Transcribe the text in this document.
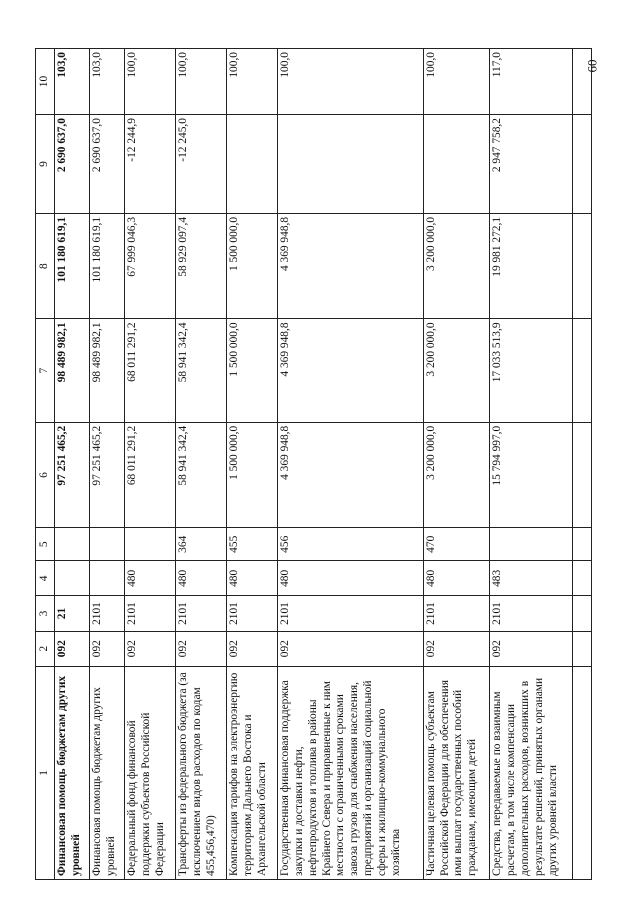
60
1	2	3	4	5	6	7	8	9	10
Финансовая помощь бюджетам других уровней	092	21			97 251 465,2	98 489 982,1	101 180 619,1	2 690 637,0	103,0
Финансовая помощь бюджетам других уровней	092	2101			97 251 465,2	98 489 982,1	101 180 619,1	2 690 637,0	103,0
Федеральный фонд финансовой поддержки субъектов Российской Федерации	092	2101	480		68 011 291,2	68 011 291,2	67 999 046,3	-12 244,9	100,0
Трансферты из федерального бюджета (за исключением видов расходов по кодам 455,456,470)	092	2101	480	364	58 941 342,4	58 941 342,4	58 929 097,4	-12 245,0	100,0
Компенсация тарифов на электроэнергию территориям Дальнего Востока и Архангельской области	092	2101	480	455	1 500 000,0	1 500 000,0	1 500 000,0		100,0
Государственная финансовая поддержка закупки и доставки нефти, нефтепродуктов и топлива в районы Крайнего Севера и приравненные к ним местности с ограниченными сроками завоза грузов для снабжения населения, предприятий и организаций социальной сферы и жилищно-коммунального хозяйства	092	2101	480	456	4 369 948,8	4 369 948,8	4 369 948,8		100,0
Частичная целевая помощь субъектам Российской Федерации для обеспечения ими выплат государственных пособий гражданам, имеющим детей	092	2101	480	470	3 200 000,0	3 200 000,0	3 200 000,0		100,0
Средства, передаваемые по взаимным расчетам, в том числе компенсации дополнительных расходов, возникших в результате решений, принятых органами других уровней власти	092	2101	483		15 794 997,0	17 033 513,9	19 981 272,1	2 947 758,2	117,0
